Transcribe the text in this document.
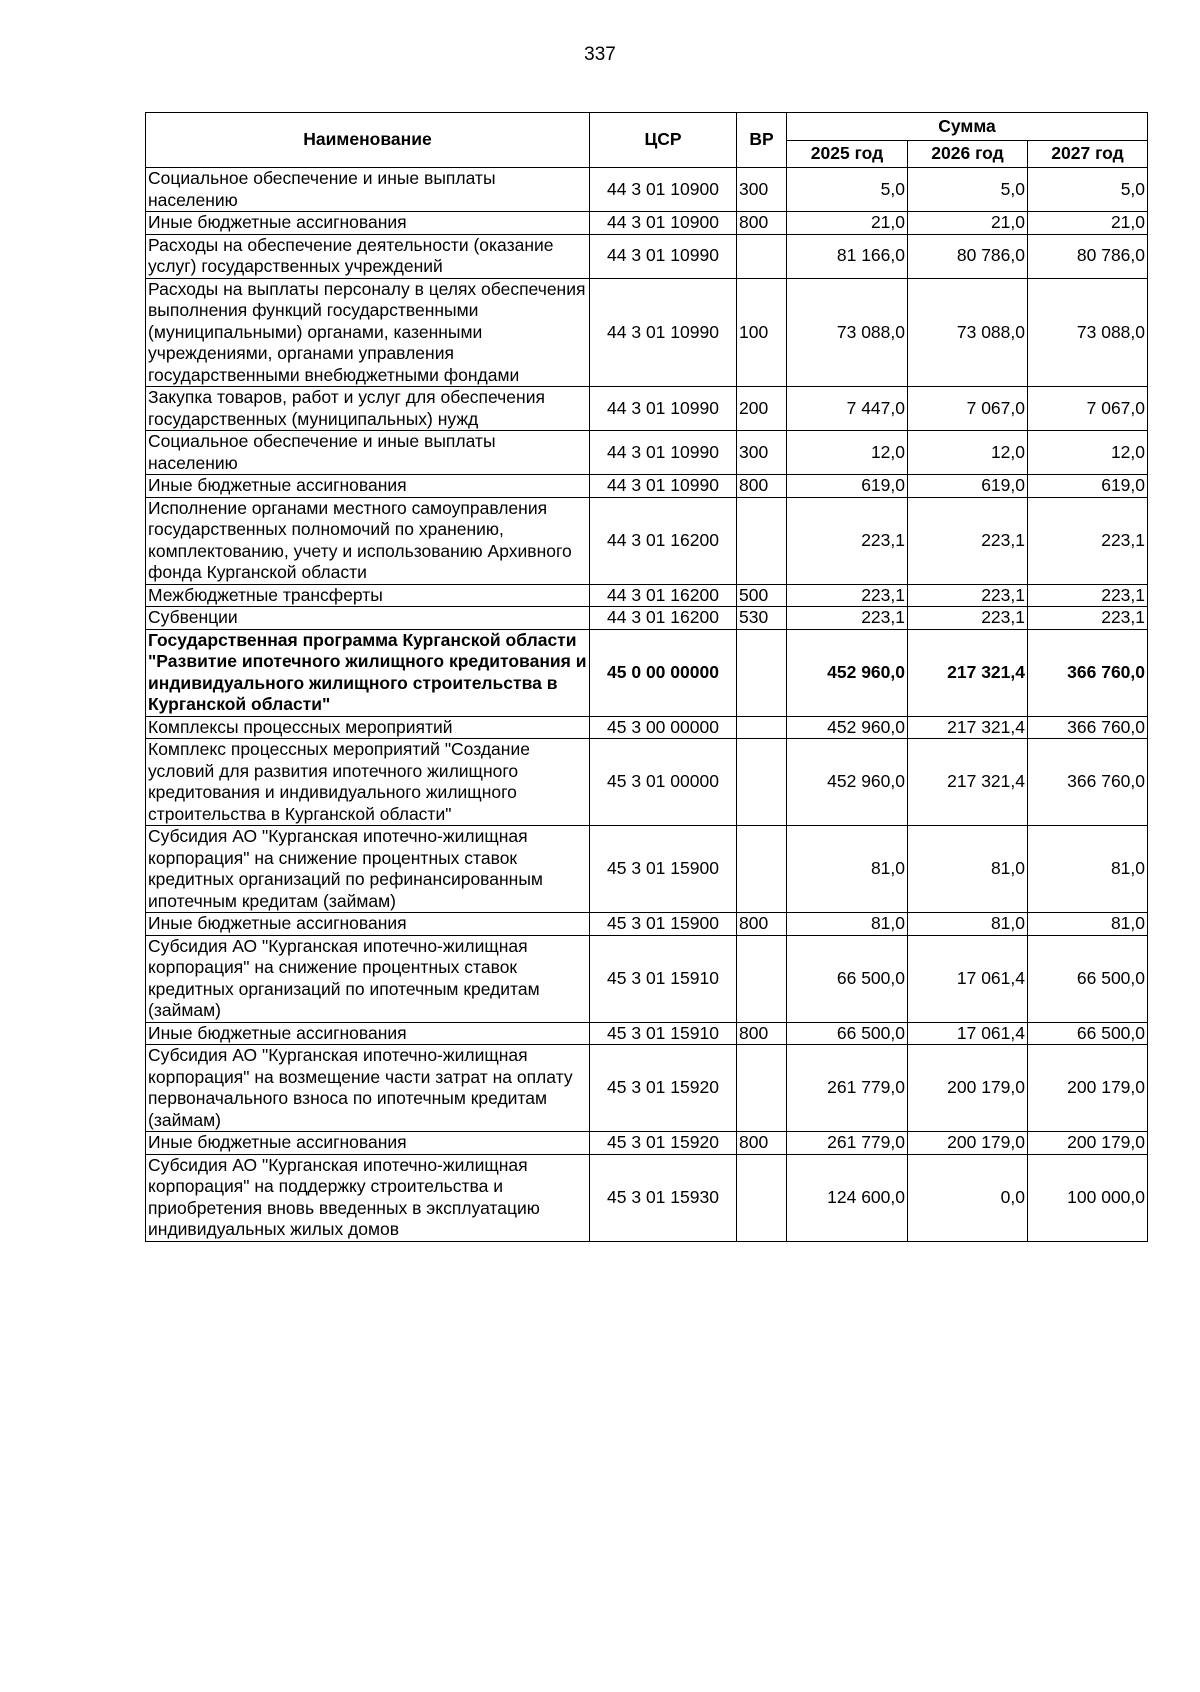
337
Наименование	ЦСР	ВР	Сумма		
			2025 год	2026 год	2027 год
Социальное обеспечение и иные выплаты населению	44 3 01 10900	300	5,0	5,0	5,0
Иные бюджетные ассигнования	44 3 01 10900	800	21,0	21,0	21,0
Расходы на обеспечение деятельности (оказание услуг) государственных учреждений	44 3 01 10990		81 166,0	80 786,0	80 786,0
Расходы на выплаты персоналу в целях обеспечения выполнения функций государственными (муниципальными) органами, казенными учреждениями, органами управления государственными внебюджетными фондами	44 3 01 10990	100	73 088,0	73 088,0	73 088,0
Закупка товаров, работ и услуг для обеспечения государственных (муниципальных) нужд	44 3 01 10990	200	7 447,0	7 067,0	7 067,0
Социальное обеспечение и иные выплаты населению	44 3 01 10990	300	12,0	12,0	12,0
Иные бюджетные ассигнования	44 3 01 10990	800	619,0	619,0	619,0
Исполнение органами местного самоуправления государственных полномочий по хранению, комплектованию, учету и использованию Архивного фонда Курганской области	44 3 01 16200		223,1	223,1	223,1
Межбюджетные трансферты	44 3 01 16200	500	223,1	223,1	223,1
Субвенции	44 3 01 16200	530	223,1	223,1	223,1
Государственная программа Курганской области "Развитие ипотечного жилищного кредитования и индивидуального жилищного строительства в Курганской области"	45 0 00 00000		452 960,0	217 321,4	366 760,0
Комплексы процессных мероприятий	45 3 00 00000		452 960,0	217 321,4	366 760,0
Комплекс процессных мероприятий "Создание условий для развития ипотечного жилищного кредитования и индивидуального жилищного строительства в Курганской области"	45 3 01 00000		452 960,0	217 321,4	366 760,0
Субсидия АО "Курганская ипотечно-жилищная корпорация" на снижение процентных ставок кредитных организаций по рефинансированным ипотечным кредитам (займам)	45 3 01 15900		81,0	81,0	81,0
Иные бюджетные ассигнования	45 3 01 15900	800	81,0	81,0	81,0
Субсидия АО "Курганская ипотечно-жилищная корпорация" на снижение процентных ставок кредитных организаций по ипотечным кредитам (займам)	45 3 01 15910		66 500,0	17 061,4	66 500,0
Иные бюджетные ассигнования	45 3 01 15910	800	66 500,0	17 061,4	66 500,0
Субсидия АО "Курганская ипотечно-жилищная корпорация" на возмещение части затрат на оплату первоначального взноса по ипотечным кредитам (займам)	45 3 01 15920		261 779,0	200 179,0	200 179,0
Иные бюджетные ассигнования	45 3 01 15920	800	261 779,0	200 179,0	200 179,0
Субсидия АО "Курганская ипотечно-жилищная корпорация" на поддержку строительства и приобретения вновь введенных в эксплуатацию индивидуальных жилых домов	45 3 01 15930		124 600,0	0,0	100 000,0
